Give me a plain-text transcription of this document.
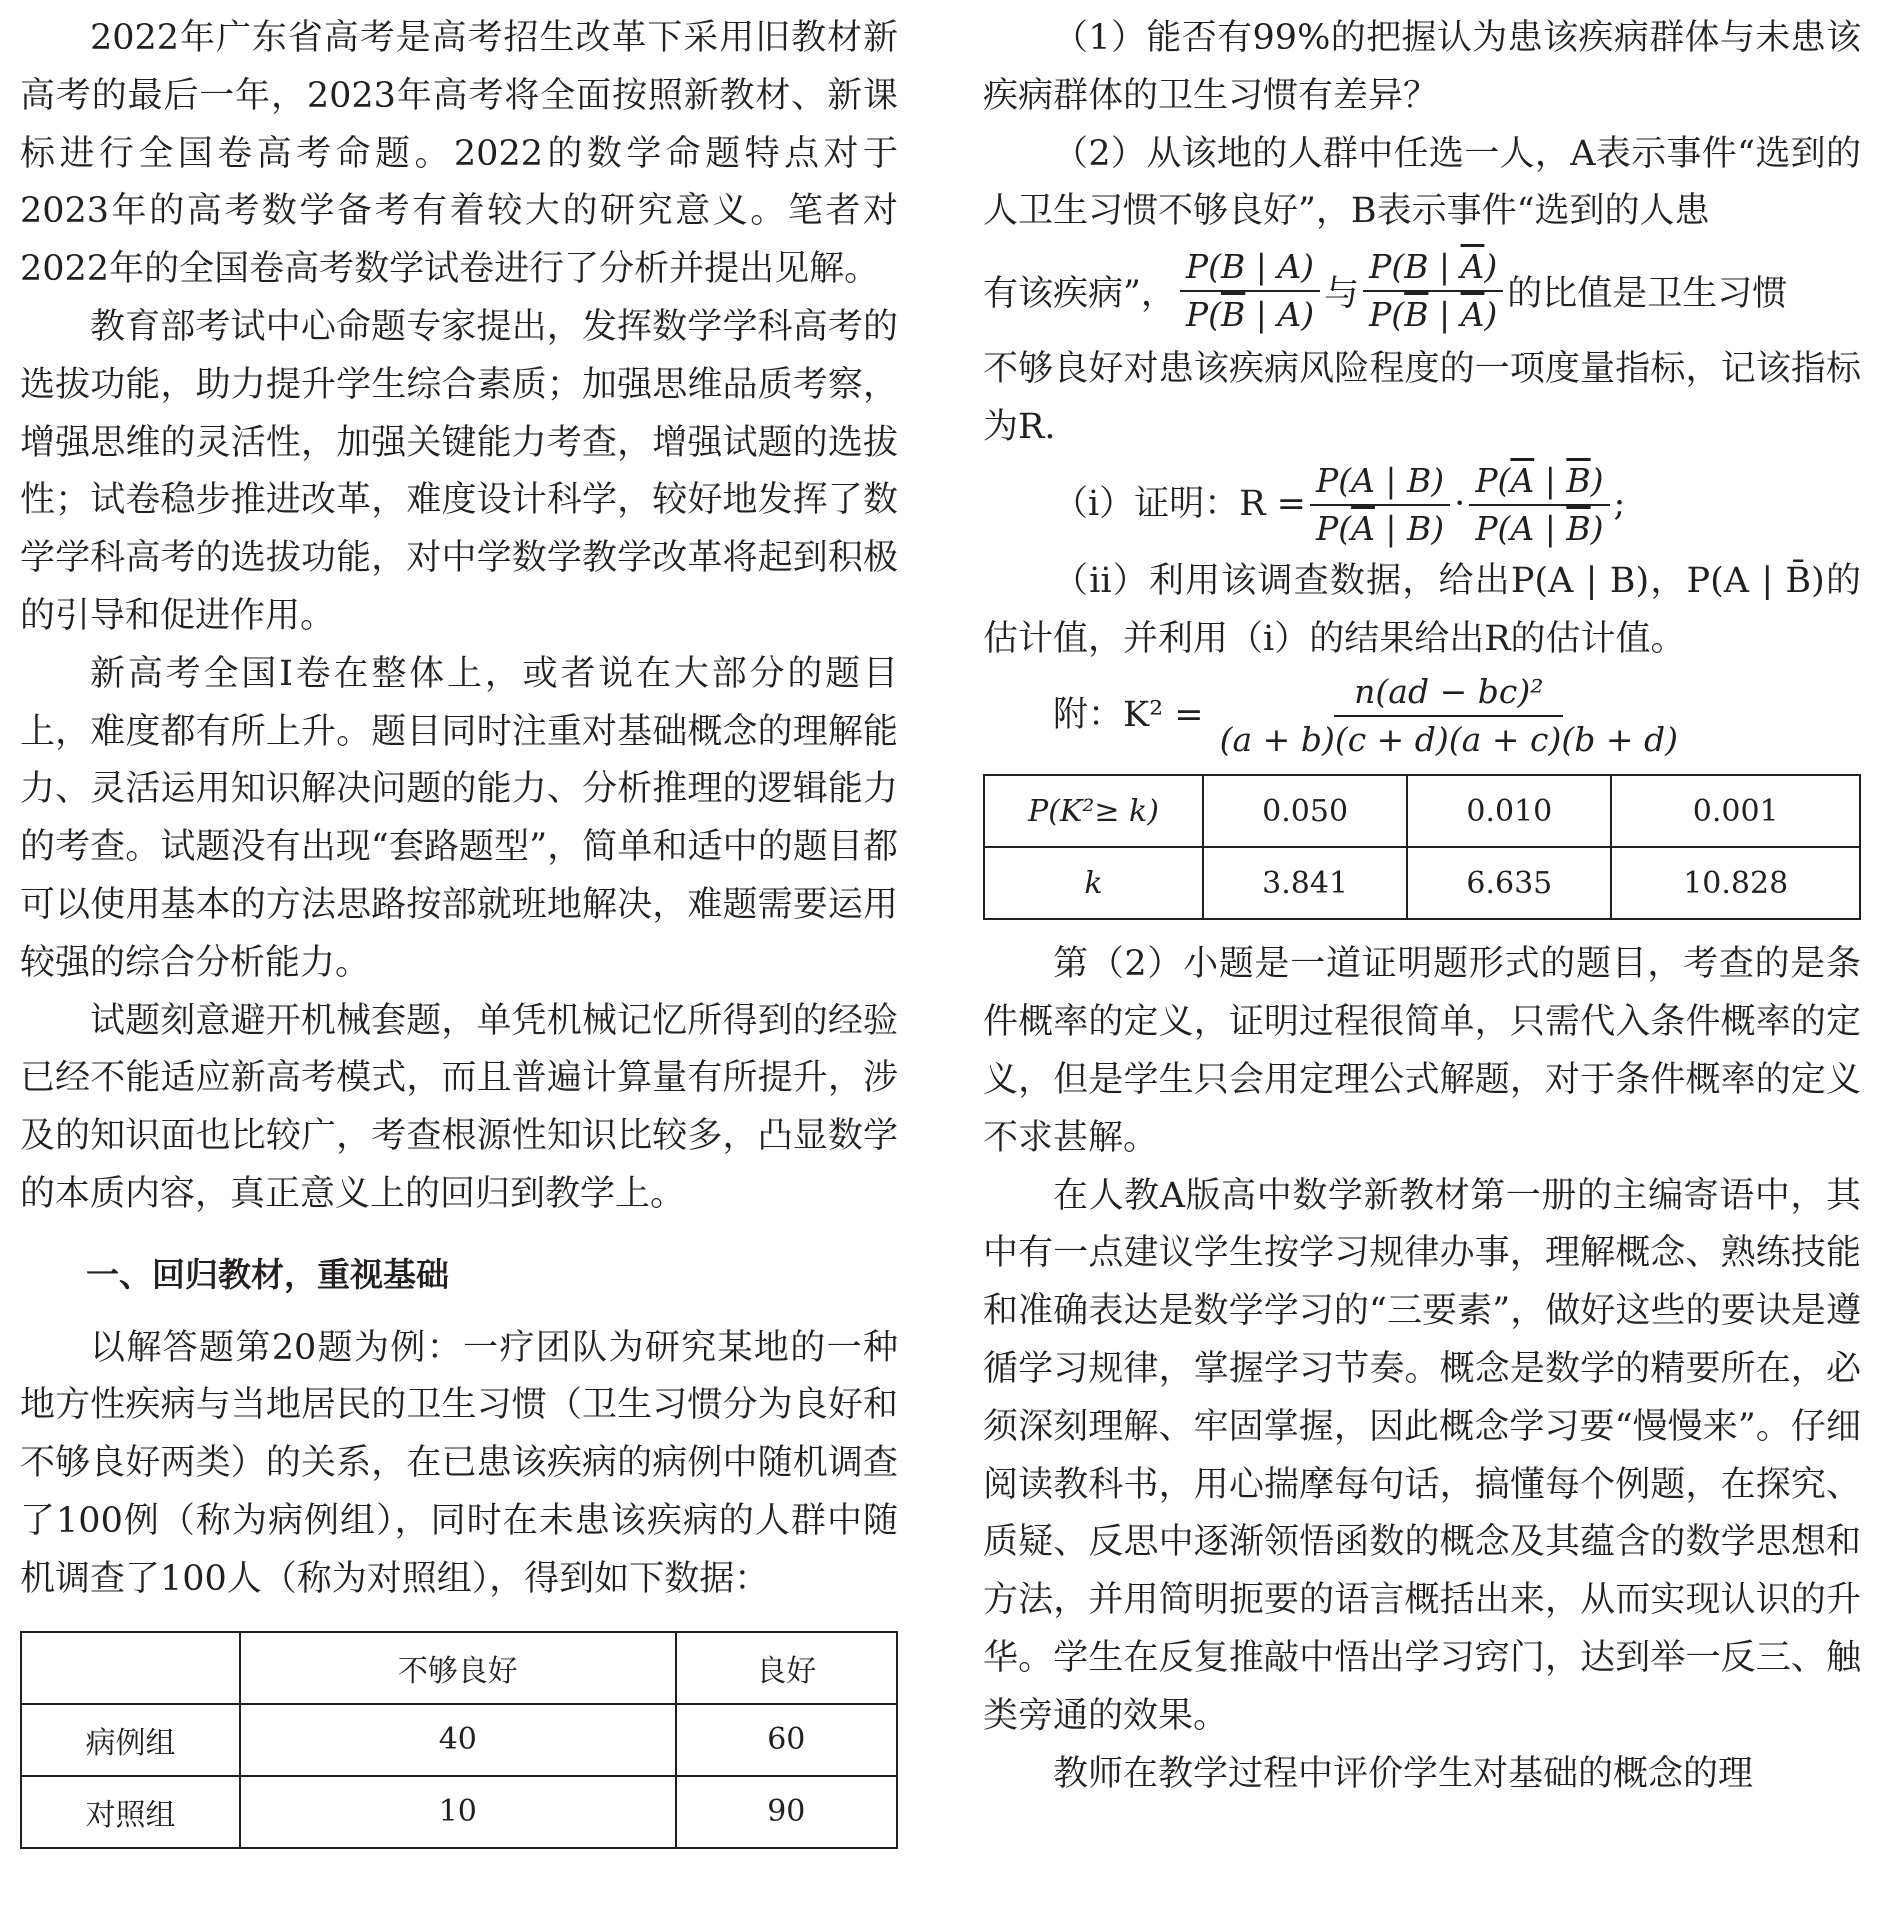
2022年广东省高考是高考招生改革下采用旧教材新高考的最后一年，2023年高考将全面按照新教材、新课标进行全国卷高考命题。2022的数学命题特点对于2023年的高考数学备考有着较大的研究意义。笔者对2022年的全国卷高考数学试卷进行了分析并提出见解。

教育部考试中心命题专家提出，发挥数学学科高考的选拔功能，助力提升学生综合素质；加强思维品质考察，增强思维的灵活性，加强关键能力考查，增强试题的选拔性；试卷稳步推进改革，难度设计科学，较好地发挥了数学学科高考的选拔功能，对中学数学教学改革将起到积极的引导和促进作用。

新高考全国Ⅰ卷在整体上，或者说在大部分的题目上，难度都有所上升。题目同时注重对基础概念的理解能力、灵活运用知识解决问题的能力、分析推理的逻辑能力的考查。试题没有出现“套路题型”，简单和适中的题目都可以使用基本的方法思路按部就班地解决，难题需要运用较强的综合分析能力。

试题刻意避开机械套题，单凭机械记忆所得到的经验已经不能适应新高考模式，而且普遍计算量有所提升，涉及的知识面也比较广，考查根源性知识比较多，凸显数学的本质内容，真正意义上的回归到教学上。

一、回归教材，重视基础

以解答题第20题为例：一疗团队为研究某地的一种地方性疾病与当地居民的卫生习惯（卫生习惯分为良好和不够良好两类）的关系，在已患该疾病的病例中随机调查了100例（称为病例组），同时在未患该疾病的人群中随机调查了100人（称为对照组），得到如下数据：

	不够良好	良好
病例组	40	60
对照组	10	90

（1）能否有99%的把握认为患该疾病群体与未患该疾病群体的卫生习惯有差异？

（2）从该地的人群中任选一人，A表示事件“选到的人卫生习惯不够良好”，B表示事件“选到的人患

有该疾病”， $\frac{P(B | A)}{P(\overline{B} | A)}$ 与 $\frac{P(B | \overline{A})}{P(\overline{B} | \overline{A})}$ 的比值是卫生习惯

不够良好对患该疾病风险程度的一项度量指标，记该指标为R.

（ⅰ）证明：$R = \frac{P(A | B)}{P(\overline{A} | B)} \cdot \frac{P(\overline{A} | \overline{B})}{P(A | \overline{B})}$ ;

（ⅱ）利用该调查数据，给出P(A | B)，P(A | B̄)的估计值，并利用（ⅰ）的结果给出R的估计值。

附：$K^2 = \frac{\text{n(ad − bc)²}}{(a + b)(c + d)(a + c)(b + d)}$
P(K²≥ k)	0.050	0.010	0.001
k	3.841	6.635	10.828

第（2）小题是一道证明题形式的题目，考查的是条件概率的定义，证明过程很简单，只需代入条件概率的定义，但是学生只会用定理公式解题，对于条件概率的定义不求甚解。

在人教A版高中数学新教材第一册的主编寄语中，其中有一点建议学生按学习规律办事，理解概念、熟练技能和准确表达是数学学习的“三要素”，做好这些的要诀是遵循学习规律，掌握学习节奏。概念是数学的精要所在，必须深刻理解、牢固掌握，因此概念学习要“慢慢来”。仔细阅读教科书，用心揣摩每句话，搞懂每个例题，在探究、质疑、反思中逐渐领悟函数的概念及其蕴含的数学思想和方法，并用简明扼要的语言概括出来，从而实现认识的升华。学生在反复推敲中悟出学习窍门，达到举一反三、触类旁通的效果。

教师在教学过程中评价学生对基础的概念的理
